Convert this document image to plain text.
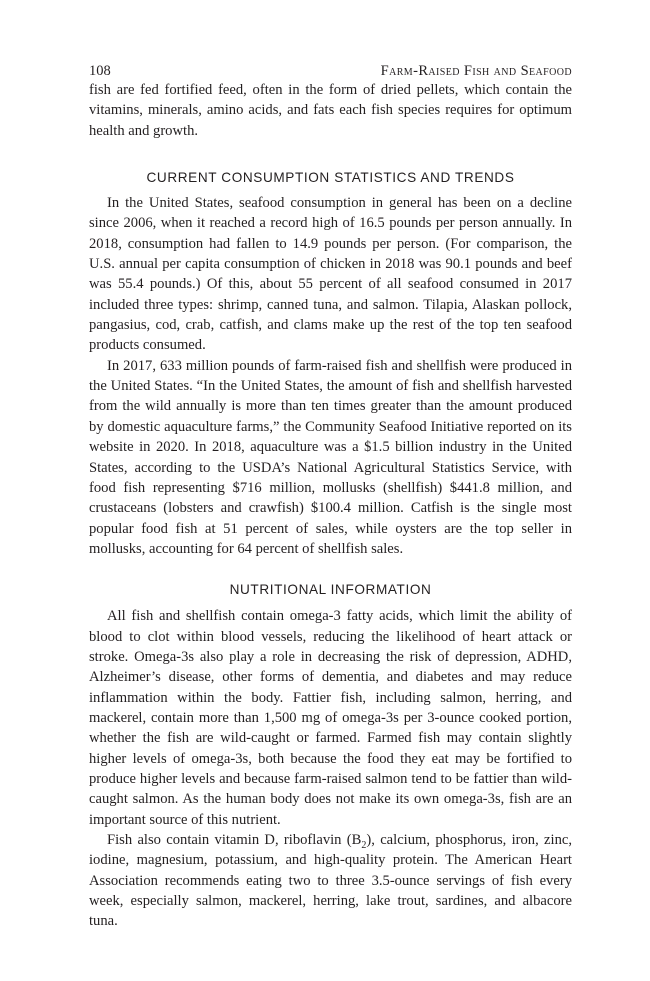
108	Farm-Raised Fish and Seafood

fish are fed fortified feed, often in the form of dried pellets, which contain the vitamins, minerals, amino acids, and fats each fish species requires for optimum health and growth.

CURRENT CONSUMPTION STATISTICS AND TRENDS

In the United States, seafood consumption in general has been on a decline since 2006, when it reached a record high of 16.5 pounds per person annually. In 2018, consumption had fallen to 14.9 pounds per person. (For comparison, the U.S. annual per capita consumption of chicken in 2018 was 90.1 pounds and beef was 55.4 pounds.) Of this, about 55 percent of all seafood consumed in 2017 included three types: shrimp, canned tuna, and salmon. Tilapia, Alaskan pollock, pangasius, cod, crab, catfish, and clams make up the rest of the top ten seafood products consumed.

In 2017, 633 million pounds of farm-raised fish and shellfish were produced in the United States. “In the United States, the amount of fish and shellfish harvested from the wild annually is more than ten times greater than the amount produced by domestic aquaculture farms,” the Community Seafood Initiative reported on its website in 2020. In 2018, aquaculture was a $1.5 billion industry in the United States, according to the USDA’s National Agricultural Statistics Service, with food fish representing $716 million, mollusks (shellfish) $441.8 million, and crustaceans (lobsters and crawfish) $100.4 million. Catfish is the single most popular food fish at 51 percent of sales, while oysters are the top seller in mollusks, accounting for 64 percent of shellfish sales.

NUTRITIONAL INFORMATION

All fish and shellfish contain omega-3 fatty acids, which limit the ability of blood to clot within blood vessels, reducing the likelihood of heart attack or stroke. Omega-3s also play a role in decreasing the risk of depression, ADHD, Alzheimer’s disease, other forms of dementia, and diabetes and may reduce inflammation within the body. Fattier fish, including salmon, herring, and mackerel, contain more than 1,500 mg of omega-3s per 3-ounce cooked portion, whether the fish are wild-caught or farmed. Farmed fish may contain slightly higher levels of omega-3s, both because the food they eat may be fortified to produce higher levels and because farm-raised salmon tend to be fattier than wild-caught salmon. As the human body does not make its own omega-3s, fish are an important source of this nutrient.

Fish also contain vitamin D, riboflavin $(B_2)$, calcium, phosphorus, iron, zinc, iodine, magnesium, potassium, and high-quality protein. The American Heart Association recommends eating two to three 3.5-ounce servings of fish every week, especially salmon, mackerel, herring, lake trout, sardines, and albacore tuna.
